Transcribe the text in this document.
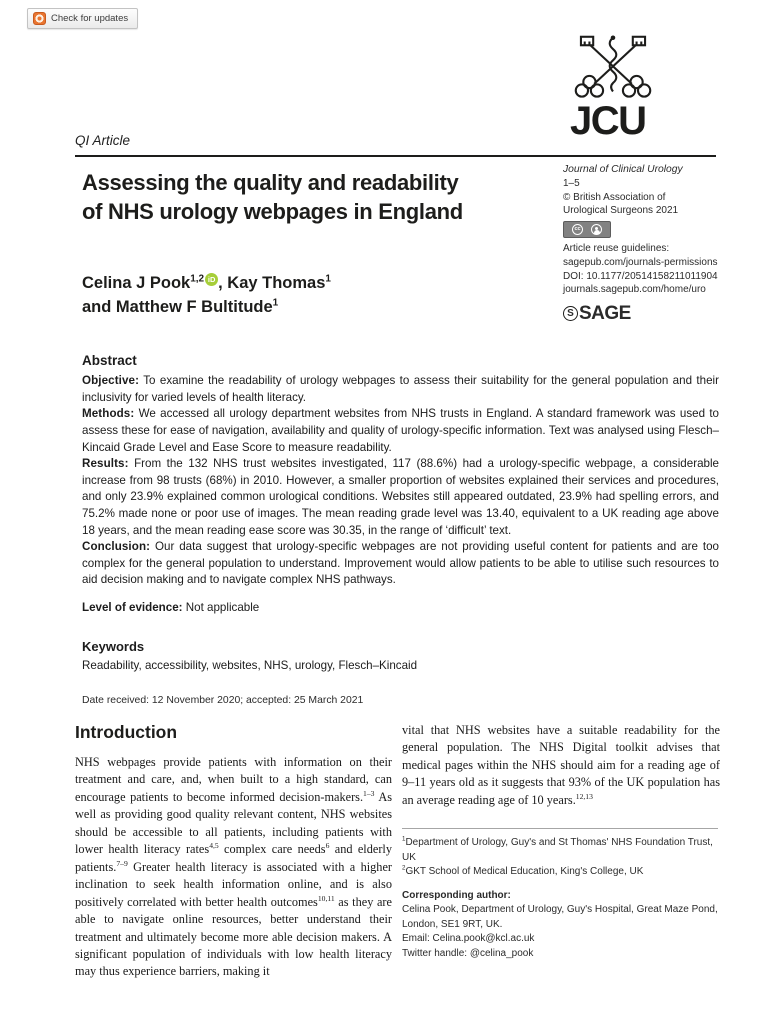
Check for updates
JCU
QI Article
Journal of Clinical Urology
1–5
© British Association of
Urological Surgeons 2021
cc
Article reuse guidelines:
sagepub.com/journals-permissions
DOI: 10.1177/20514158211011904
journals.sagepub.com/home/uro
S SAGE
Assessing the quality and readability
of NHS urology webpages in England
Celina J Pook$^{1,2}$ iD , Kay Thomas$^1$
and Matthew F Bultitude$^1$
Abstract

Objective: To examine the readability of urology webpages to assess their suitability for the general population and their inclusivity for varied levels of health literacy.

Methods: We accessed all urology department websites from NHS trusts in England. A standard framework was used to assess these for ease of navigation, availability and quality of urology-specific information. Text was analysed using Flesch–Kincaid Grade Level and Ease Score to measure readability.

Results: From the 132 NHS trust websites investigated, 117 (88.6%) had a urology-specific webpage, a considerable increase from 98 trusts (68%) in 2010. However, a smaller proportion of websites explained their services and procedures, and only 23.9% explained common urological conditions. Websites still appeared outdated, 23.9% had spelling errors, and 75.2% made none or poor use of images. The mean reading grade level was 13.40, equivalent to a UK reading age above 18 years, and the mean reading ease score was 30.35, in the range of ‘difficult’ text.

Conclusion: Our data suggest that urology-specific webpages are not providing useful content for patients and are too complex for the general population to understand. Improvement would allow patients to be able to utilise such resources to aid decision making and to navigate complex NHS pathways.

Level of evidence: Not applicable
Keywords
Readability, accessibility, websites, NHS, urology, Flesch–Kincaid
Date received: 12 November 2020; accepted: 25 March 2021
Introduction
NHS webpages provide patients with information on their treatment and care, and, when built to a high standard, can encourage patients to become informed decision-makers.$^{1-3}$ As well as providing good quality relevant content, NHS websites should be accessible to all patients, including patients with lower health literacy rates$^{4,5}$ complex care needs$^6$ and elderly patients.$^{7-9}$ Greater health literacy is associated with a higher inclination to seek health information online, and is also positively correlated with better health outcomes$^{10,11}$ as they are able to navigate online resources, better understand their treatment and ultimately become more able decision makers. A significant population of individuals with low health literacy may thus experience barriers, making it
vital that NHS websites have a suitable readability for the general population. The NHS Digital toolkit advises that medical pages within the NHS should aim for a reading age of 9–11 years old as it suggests that 93% of the UK population has an average reading age of 10 years.$^{12,13}$
$^1$Department of Urology, Guy's and St Thomas' NHS Foundation Trust, UK
$^2$GKT School of Medical Education, King's College, UK
Corresponding author:
Celina Pook, Department of Urology, Guy's Hospital, Great Maze Pond, London, SE1 9RT, UK.
Email: Celina.pook@kcl.ac.uk
Twitter handle: @celina_pook
